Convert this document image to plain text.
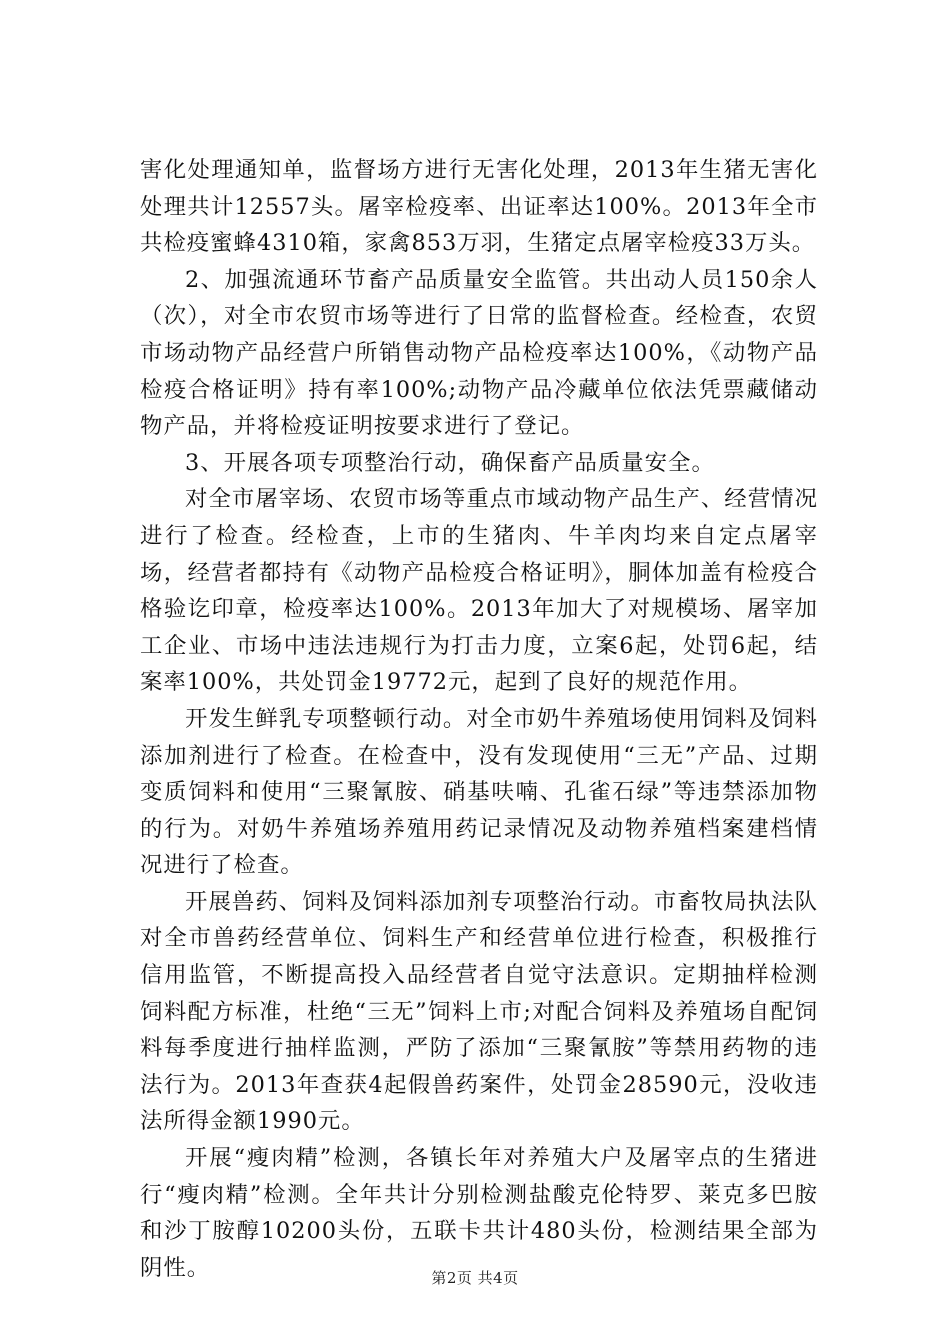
害化处理通知单，监督场方进行无害化处理，2013年生猪无害化处理共计12557头。屠宰检疫率、出证率达100%。2013年全市共检疫蜜蜂4310箱，家禽853万羽，生猪定点屠宰检疫33万头。

2、加强流通环节畜产品质量安全监管。共出动人员150余人（次），对全市农贸市场等进行了日常的监督检查。经检查，农贸市场动物产品经营户所销售动物产品检疫率达100%，《动物产品检疫合格证明》持有率100%;动物产品冷藏单位依法凭票藏储动物产品，并将检疫证明按要求进行了登记。

3、开展各项专项整治行动，确保畜产品质量安全。

对全市屠宰场、农贸市场等重点市域动物产品生产、经营情况进行了检查。经检查，上市的生猪肉、牛羊肉均来自定点屠宰场，经营者都持有《动物产品检疫合格证明》，胴体加盖有检疫合格验讫印章，检疫率达100%。2013年加大了对规模场、屠宰加工企业、市场中违法违规行为打击力度，立案6起，处罚6起，结案率100%，共处罚金19772元，起到了良好的规范作用。

开发生鲜乳专项整顿行动。对全市奶牛养殖场使用饲料及饲料添加剂进行了检查。在检查中，没有发现使用“三无”产品、过期变质饲料和使用“三聚氰胺、硝基呋喃、孔雀石绿”等违禁添加物的行为。对奶牛养殖场养殖用药记录情况及动物养殖档案建档情况进行了检查。

开展兽药、饲料及饲料添加剂专项整治行动。市畜牧局执法队对全市兽药经营单位、饲料生产和经营单位进行检查，积极推行信用监管，不断提高投入品经营者自觉守法意识。定期抽样检测饲料配方标准，杜绝“三无”饲料上市;对配合饲料及养殖场自配饲料每季度进行抽样监测，严防了添加“三聚氰胺”等禁用药物的违法行为。2013年查获4起假兽药案件，处罚金28590元，没收违法所得金额1990元。

开展“瘦肉精”检测，各镇长年对养殖大户及屠宰点的生猪进行“瘦肉精”检测。全年共计分别检测盐酸克伦特罗、莱克多巴胺和沙丁胺醇10200头份，五联卡共计480头份，检测结果全部为阴性。	第2页 共4页
